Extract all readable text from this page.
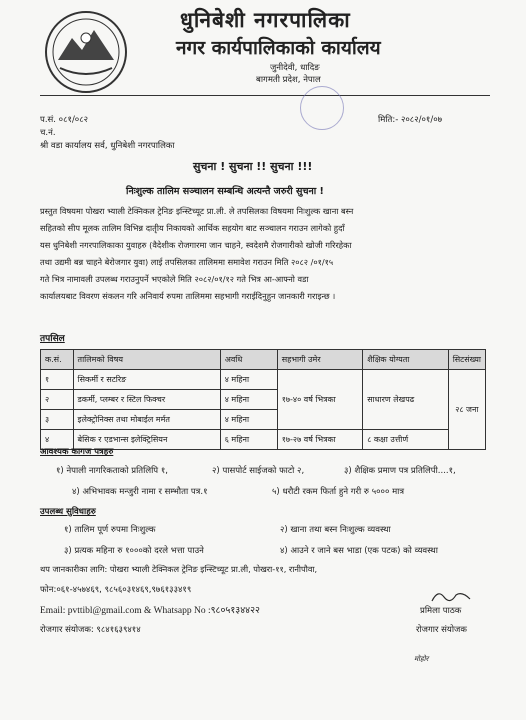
धुनिबेशी नगरपालिका
नगर कार्यपालिकाको कार्यालय
जुनीदेवी, धादिङ
बागमती प्रदेश, नेपाल
प.सं. ०८१/०८२	मिति:- २०८२/०१/०७
च.नं.
श्री वडा कार्यालय सर्व, धुनिबेशी नगरपालिका
सुचना ! सुचना !! सुचना !!!
निःशुल्क तालिम सञ्चालन सम्बन्धि अत्यन्तै जरुरी सुचना !
प्रस्तुत विषयमा पोखरा भ्याली टेक्निकल ट्रेनिङ इन्स्टिच्यूट प्रा.ली. ले तपसिलका विषयमा निःशुल्क खाना बस्न
सहितको सीप मूलक तालिम विभिन्न दातृीय निकायको आर्थिक सहयोग बाट सञ्चालन गराउन लागेको हुदाँ
यस धुनिबेशी नगरपालिकाका युवाहरु (वैदेशीक रोजगारमा जान चाहने, स्वदेशमै रोजगारीको खोजी गरिरहेका
तथा उद्यमी बन्न चाहने बेरोजगार युवा) लाई तपसिलका तालिममा समावेश गराउन मिति २०८२ /०१/१५
गते भित्र नामावली उपलब्ध गराउनुपर्ने भएकोले मिति २०८२/०१/१२ गते भित्र आ-आफ्नो वडा
कार्यालयबाट विवरण संकलन गरि अनिवार्य रुपमा तालिममा सहभागी गराईदिनुहुन जानकारी गराइन्छ ।
तपसिल
क.सं.	तालिमको विषय	अवधि	सहभागी उमेर	शैक्षिक योग्यता	सिटसंख्या
१	सिकर्मी र सटरिङ	४ महिना	१७-४० वर्ष भित्रका	साधारण लेखपढ	२८ जना
२	डकर्मी, प्लम्बर र स्टिल फिक्चर	४ महिना			
३	इलेक्ट्रोनिक्स तथा मोबाईल मर्मत	४ महिना			
४	बेसिक र एडभान्स इलेक्ट्रिसियन	६ महिना	१७-२७ वर्ष भित्रका	८ कक्षा उत्तीर्ण	
आवश्यक कागज पत्रहरु
१) नेपाली नागरिकताको प्रतिलिपि १,	२) पासपोर्ट साईजको फाटो २,	३) शैक्षिक प्रमाण पत्र प्रतिलिपी....१,
४) अभिभावक मन्जुरी नामा र सम्भौता पत्र.१	५) धरौटी रकम फिर्ता हुने गरी रु ५००० मात्र
उपलब्ध सुविधाहरु
१) तालिम पूर्ण रुपमा निःशुल्क	२) खाना तथा बस्न निःशुल्क व्यवस्था
३) प्रत्यक महिना रु १०००को दरले भत्ता पाउने	४) आउने र जाने बस भाडा (एक पटक) को व्यवस्था
थप जानकारीका लागि: पोखरा भ्याली टेक्निकल ट्रेनिङ इन्स्टिच्यूट प्रा.ली, पोखरा-११, रानीपौवा,
फोन:०६१-४५७४६९, ९८५६०३१४६९,९७६१३३४१९
Email: pvttibl@gmail.com & Whatsapp No :९८०५१३४४२२
रोजगार संयोजक: ९८४१६३९४१४
प्रमिला पाठक
रोजगार संयोजक
मोहोर
